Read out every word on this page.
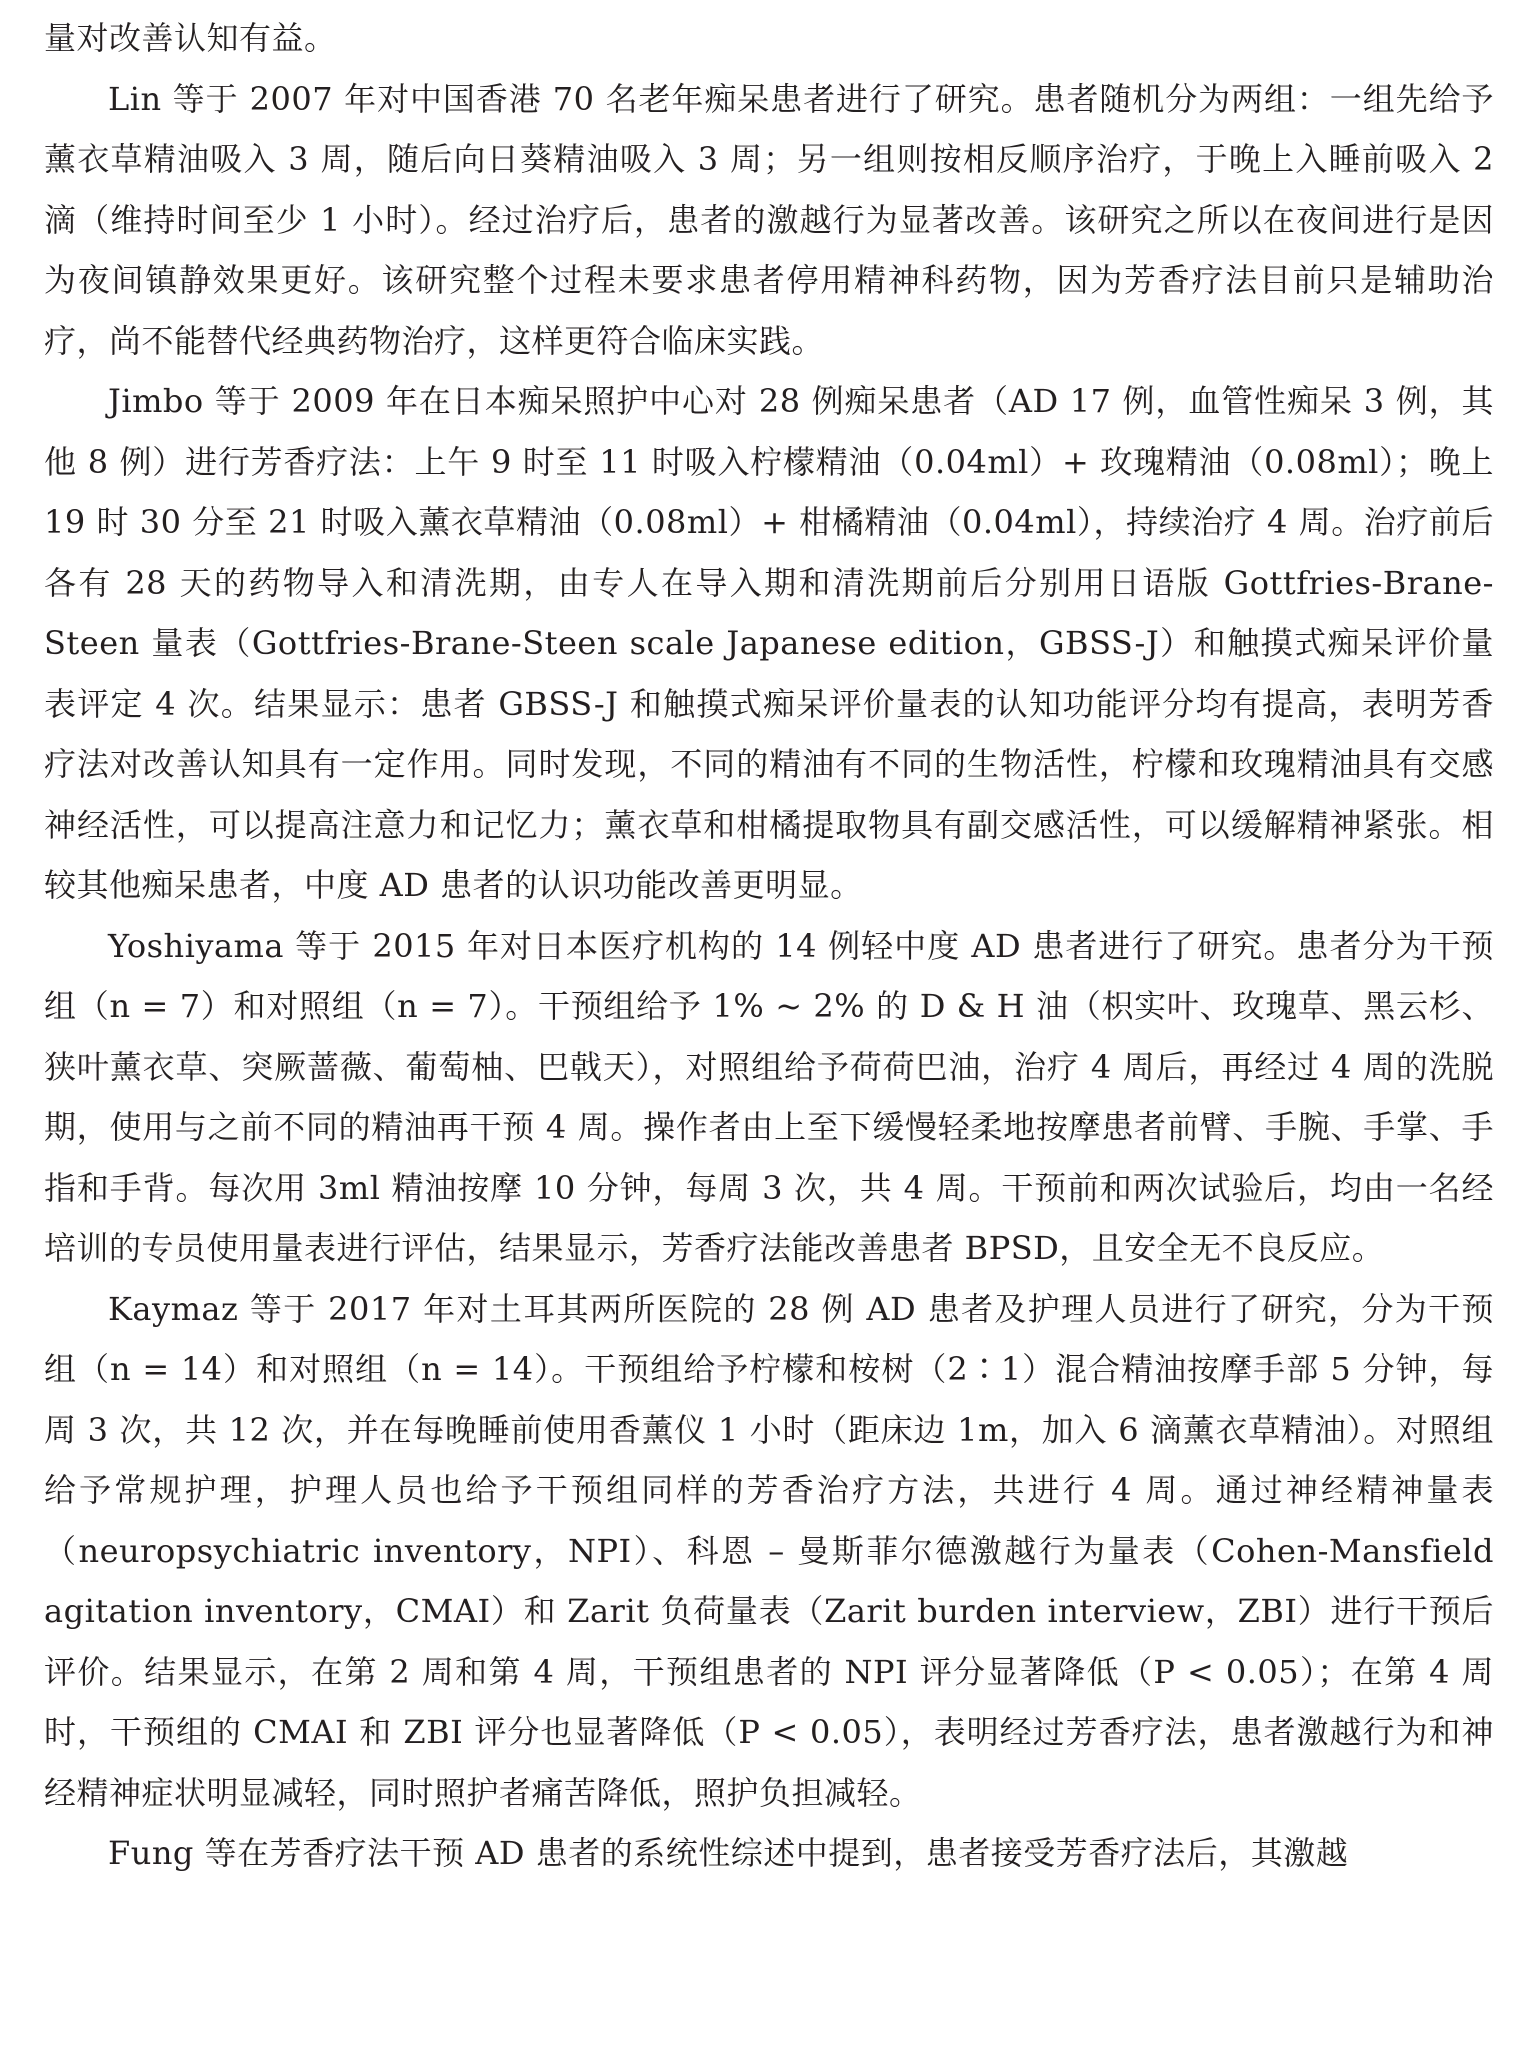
量对改善认知有益。

Lin 等于 2007 年对中国香港 70 名老年痴呆患者进行了研究。患者随机分为两组：一组先给予薰衣草精油吸入 3 周，随后向日葵精油吸入 3 周；另一组则按相反顺序治疗，于晚上入睡前吸入 2 滴（维持时间至少 1 小时）。经过治疗后，患者的激越行为显著改善。该研究之所以在夜间进行是因为夜间镇静效果更好。该研究整个过程未要求患者停用精神科药物，因为芳香疗法目前只是辅助治疗，尚不能替代经典药物治疗，这样更符合临床实践。

Jimbo 等于 2009 年在日本痴呆照护中心对 28 例痴呆患者（AD 17 例，血管性痴呆 3 例，其他 8 例）进行芳香疗法：上午 9 时至 11 时吸入柠檬精油（0.04ml）+ 玫瑰精油（0.08ml）；晚上 19 时 30 分至 21 时吸入薰衣草精油（0.08ml）+ 柑橘精油（0.04ml），持续治疗 4 周。治疗前后各有 28 天的药物导入和清洗期，由专人在导入期和清洗期前后分别用日语版 Gottfries-Brane-Steen 量表（Gottfries-Brane-Steen scale Japanese edition，GBSS-J）和触摸式痴呆评价量表评定 4 次。结果显示：患者 GBSS-J 和触摸式痴呆评价量表的认知功能评分均有提高，表明芳香疗法对改善认知具有一定作用。同时发现，不同的精油有不同的生物活性，柠檬和玫瑰精油具有交感神经活性，可以提高注意力和记忆力；薰衣草和柑橘提取物具有副交感活性，可以缓解精神紧张。相较其他痴呆患者，中度 AD 患者的认识功能改善更明显。

Yoshiyama 等于 2015 年对日本医疗机构的 14 例轻中度 AD 患者进行了研究。患者分为干预组（n = 7）和对照组（n = 7）。干预组给予 1% ~ 2% 的 D & H 油（枳实叶、玫瑰草、黑云杉、狭叶薰衣草、突厥蔷薇、葡萄柚、巴戟天），对照组给予荷荷巴油，治疗 4 周后，再经过 4 周的洗脱期，使用与之前不同的精油再干预 4 周。操作者由上至下缓慢轻柔地按摩患者前臂、手腕、手掌、手指和手背。每次用 3ml 精油按摩 10 分钟，每周 3 次，共 4 周。干预前和两次试验后，均由一名经培训的专员使用量表进行评估，结果显示，芳香疗法能改善患者 BPSD，且安全无不良反应。

Kaymaz 等于 2017 年对土耳其两所医院的 28 例 AD 患者及护理人员进行了研究，分为干预组（n = 14）和对照组（n = 14）。干预组给予柠檬和桉树（2∶1）混合精油按摩手部 5 分钟，每周 3 次，共 12 次，并在每晚睡前使用香薰仪 1 小时（距床边 1m，加入 6 滴薰衣草精油）。对照组给予常规护理，护理人员也给予干预组同样的芳香治疗方法，共进行 4 周。通过神经精神量表（neuropsychiatric inventory，NPI）、科恩 – 曼斯菲尔德激越行为量表（Cohen-Mansfield agitation inventory，CMAI）和 Zarit 负荷量表（Zarit burden interview，ZBI）进行干预后评价。结果显示，在第 2 周和第 4 周，干预组患者的 NPI 评分显著降低（P < 0.05）；在第 4 周时，干预组的 CMAI 和 ZBI 评分也显著降低（P < 0.05），表明经过芳香疗法，患者激越行为和神经精神症状明显减轻，同时照护者痛苦降低，照护负担减轻。

Fung 等在芳香疗法干预 AD 患者的系统性综述中提到，患者接受芳香疗法后，其激越
